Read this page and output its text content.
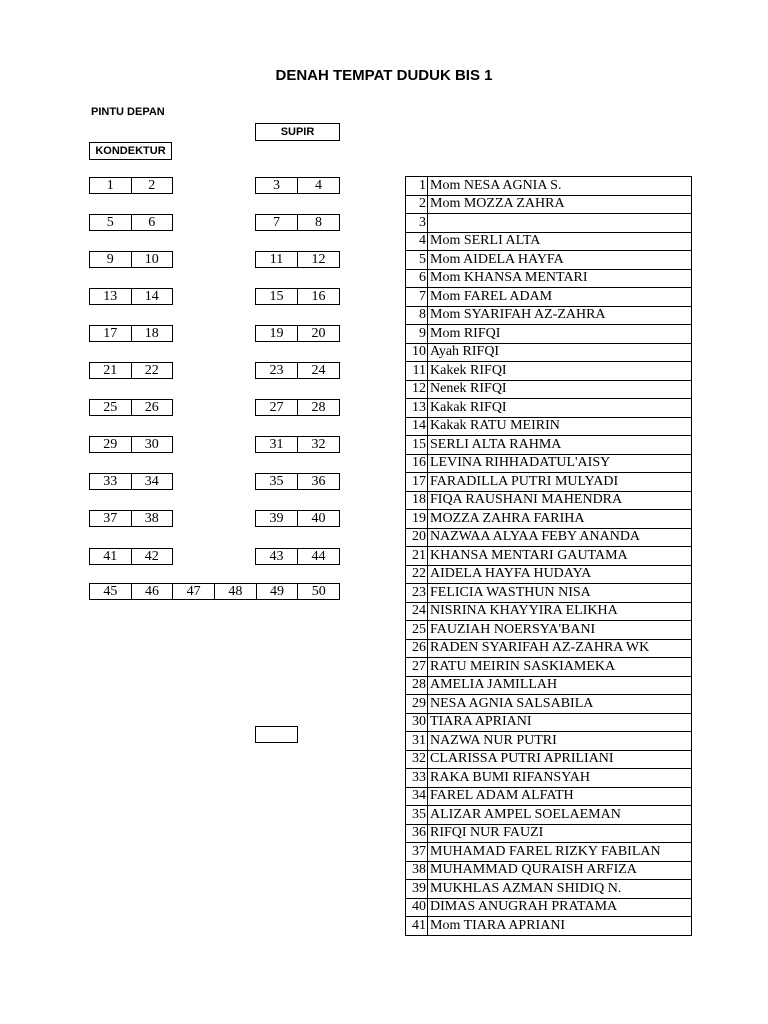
DENAH TEMPAT DUDUK BIS 1
PINTU DEPAN
SUPIR
KONDEKTUR
1	2	3	4
5	6	7	8
9	10	11	12
13	14	15	16
17	18	19	20
21	22	23	24
25	26	27	28
29	30	31	32
33	34	35	36
37	38	39	40
41	42	43	44
45	46	47	48	49	50
1	Mom NESA AGNIA S.
2	Mom MOZZA ZAHRA
3	
4	Mom SERLI ALTA
5	Mom AIDELA HAYFA
6	Mom KHANSA MENTARI
7	Mom FAREL ADAM
8	Mom SYARIFAH AZ-ZAHRA
9	Mom RIFQI
10	Ayah RIFQI
11	Kakek RIFQI
12	Nenek RIFQI
13	Kakak RIFQI
14	Kakak RATU MEIRIN
15	SERLI ALTA RAHMA
16	LEVINA RIHHADATUL'AISY
17	FARADILLA PUTRI MULYADI
18	FIQA RAUSHANI MAHENDRA
19	MOZZA ZAHRA FARIHA
20	NAZWAA ALYAA FEBY ANANDA
21	KHANSA MENTARI GAUTAMA
22	AIDELA HAYFA HUDAYA
23	FELICIA WASTHUN NISA
24	NISRINA KHAYYIRA ELIKHA
25	FAUZIAH NOERSYA'BANI
26	RADEN SYARIFAH AZ-ZAHRA WK
27	RATU MEIRIN SASKIAMEKA
28	AMELIA JAMILLAH
29	NESA AGNIA SALSABILA
30	TIARA APRIANI
31	NAZWA NUR PUTRI
32	CLARISSA PUTRI APRILIANI
33	RAKA BUMI RIFANSYAH
34	FAREL ADAM ALFATH
35	ALIZAR AMPEL SOELAEMAN
36	RIFQI NUR FAUZI
37	MUHAMAD FAREL RIZKY FABILAN
38	MUHAMMAD QURAISH ARFIZA
39	MUKHLAS AZMAN SHIDIQ N.
40	DIMAS ANUGRAH PRATAMA
41	Mom TIARA APRIANI
